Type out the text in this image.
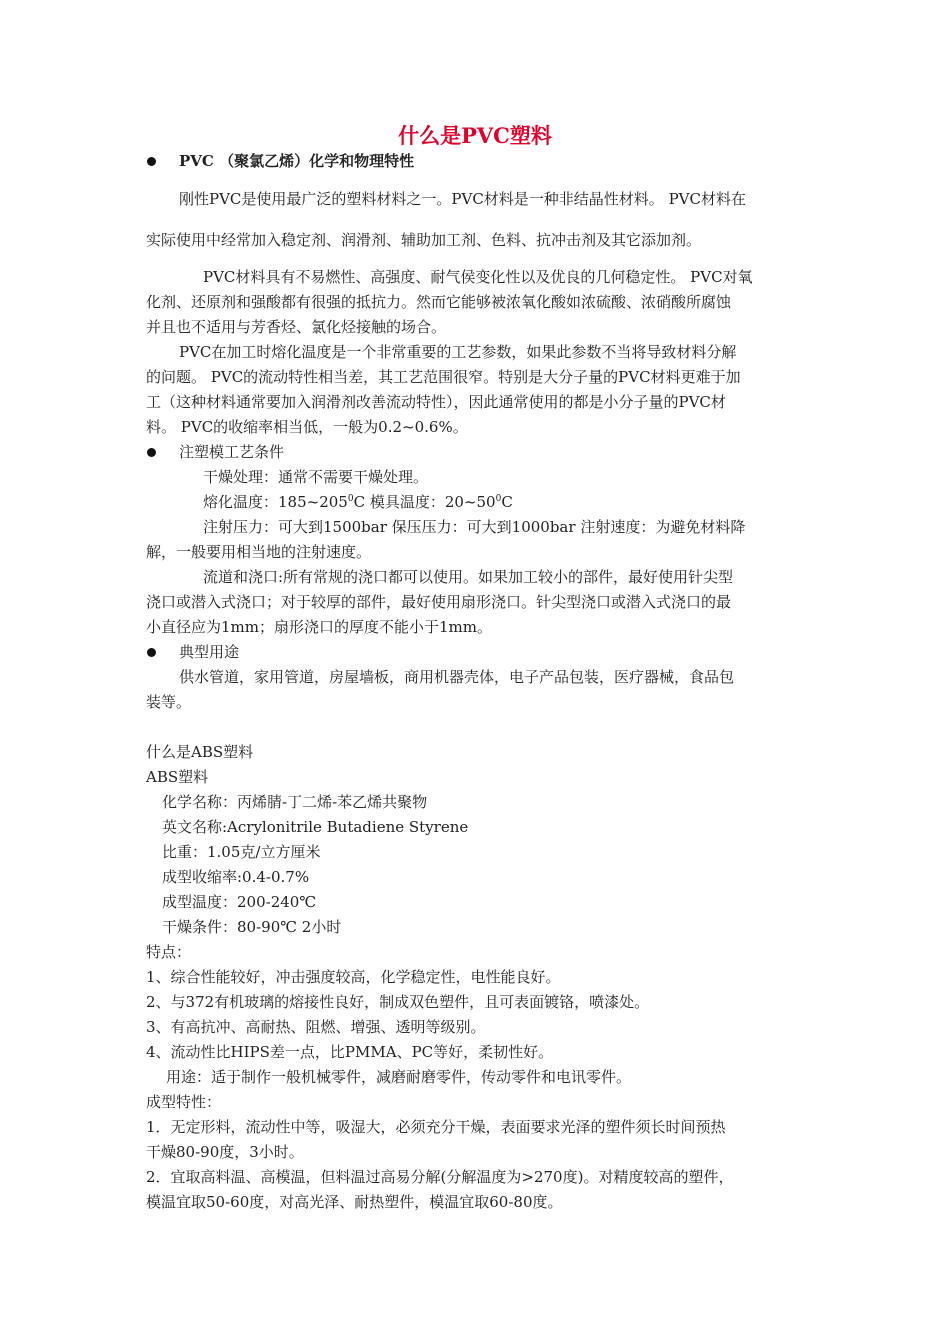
什么是PVC塑料
PVC （聚氯乙烯）化学和物理特性
刚性PVC是使用最广泛的塑料材料之一。PVC材料是一种非结晶性材料。 PVC材料在
实际使用中经常加入稳定剂、润滑剂、辅助加工剂、色料、抗冲击剂及其它添加剂。
PVC材料具有不易燃性、高强度、耐气侯变化性以及优良的几何稳定性。 PVC对氧
化剂、还原剂和强酸都有很强的抵抗力。然而它能够被浓氧化酸如浓硫酸、浓硝酸所腐蚀
并且也不适用与芳香烃、氯化烃接触的场合。
PVC在加工时熔化温度是一个非常重要的工艺参数，如果此参数不当将导致材料分解
的问题。 PVC的流动特性相当差，其工艺范围很窄。特别是大分子量的PVC材料更难于加
工（这种材料通常要加入润滑剂改善流动特性），因此通常使用的都是小分子量的PVC材
料。 PVC的收缩率相当低，一般为0.2~0.6%。
注塑模工艺条件
干燥处理：通常不需要干燥处理。
熔化温度：$185\sim 205^0C$ 模具温度：$20\sim 50^0C$
注射压力：可大到1500bar 保压压力：可大到1000bar 注射速度：为避免材料降
解，一般要用相当地的注射速度。
流道和浇口:所有常规的浇口都可以使用。如果加工较小的部件，最好使用针尖型
浇口或潜入式浇口；对于较厚的部件，最好使用扇形浇口。针尖型浇口或潜入式浇口的最
小直径应为1mm；扇形浇口的厚度不能小于1mm。
典型用途
供水管道，家用管道，房屋墙板，商用机器壳体，电子产品包装，医疗器械，食品包
装等。
什么是ABS塑料
ABS塑料
化学名称：丙烯腈-丁二烯-苯乙烯共聚物
英文名称:Acrylonitrile Butadiene Styrene
比重：1.05克/立方厘米
成型收缩率:0.4-0.7%
成型温度：200-240℃
干燥条件：80-90℃ 2小时
特点：
1、综合性能较好，冲击强度较高，化学稳定性，电性能良好。
2、与372有机玻璃的熔接性良好，制成双色塑件，且可表面镀铬，喷漆处。
3、有高抗冲、高耐热、阻燃、增强、透明等级别。
4、流动性比HIPS差一点，比PMMA、PC等好，柔韧性好。
用途：适于制作一般机械零件，减磨耐磨零件，传动零件和电讯零件。
成型特性：
1．无定形料，流动性中等，吸湿大，必须充分干燥，表面要求光泽的塑件须长时间预热
干燥80-90度，3小时。
2．宜取高料温、高模温，但料温过高易分解(分解温度为>270度)。对精度较高的塑件，
模温宜取50-60度，对高光泽、耐热塑件，模温宜取60-80度。
